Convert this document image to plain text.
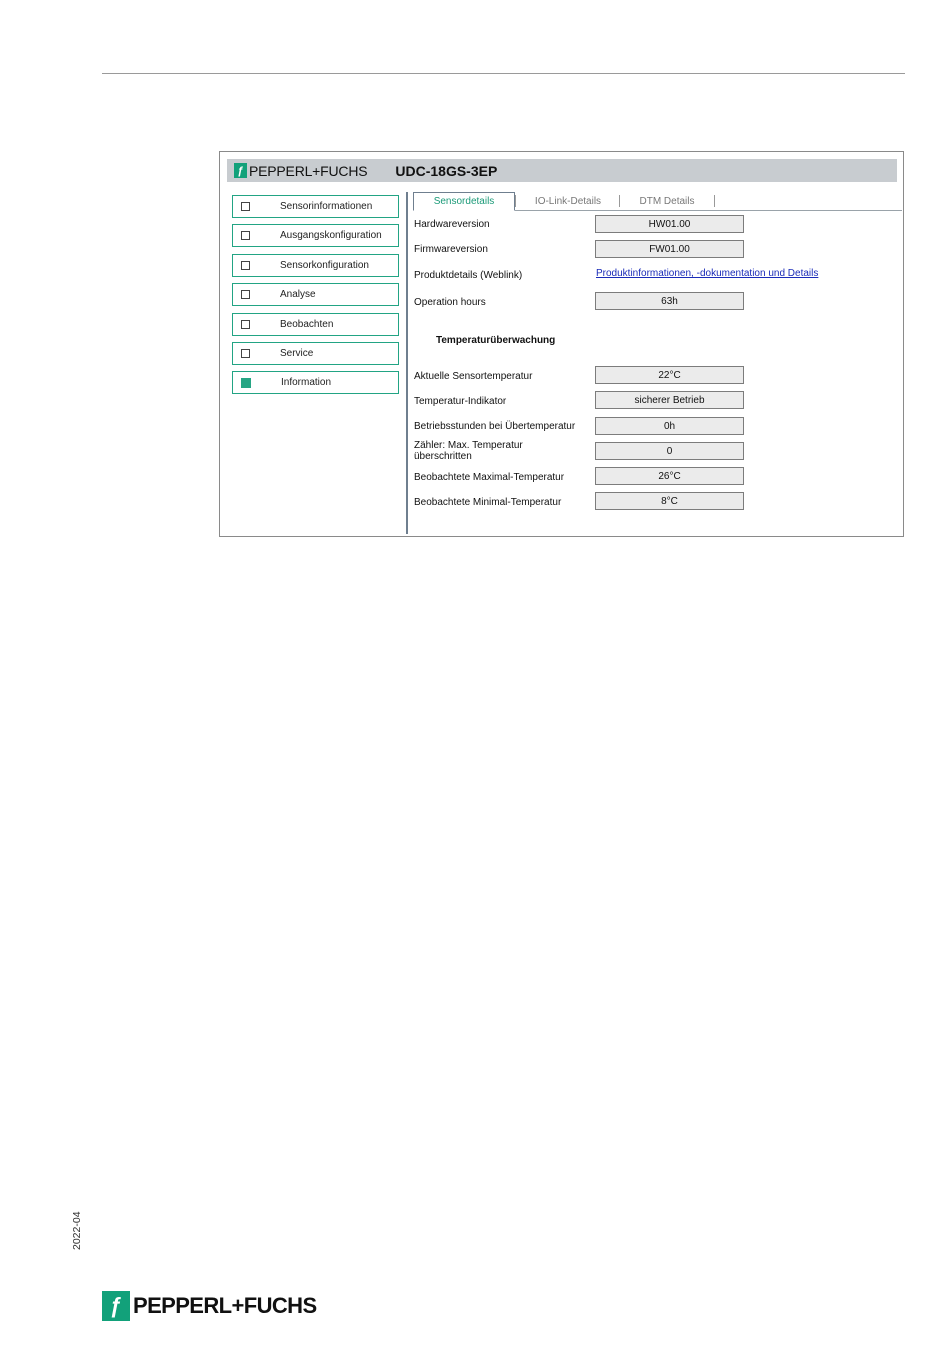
ƒ PEPPERL+FUCHS UDC-18GS-3EP
Sensorinformationen
Ausgangskonfiguration
Sensorkonfiguration
Analyse
Beobachten
Service
Information
Sensordetails	IO-Link-Details	DTM Details
Hardwareversion	HW01.00
Firmwareversion	FW01.00
Produktdetails (Weblink)	Produktinformationen, -dokumentation und Details
Operation hours	63h
Temperaturüberwachung
Aktuelle Sensortemperatur	22°C
Temperatur-Indikator	sicherer Betrieb
Betriebsstunden bei Übertemperatur	0h
Zähler: Max. Temperatur
überschritten	0
Beobachtete Maximal-Temperatur	26°C
Beobachtete Minimal-Temperatur	8°C
2022-04
ƒ PEPPERL+FUCHS
